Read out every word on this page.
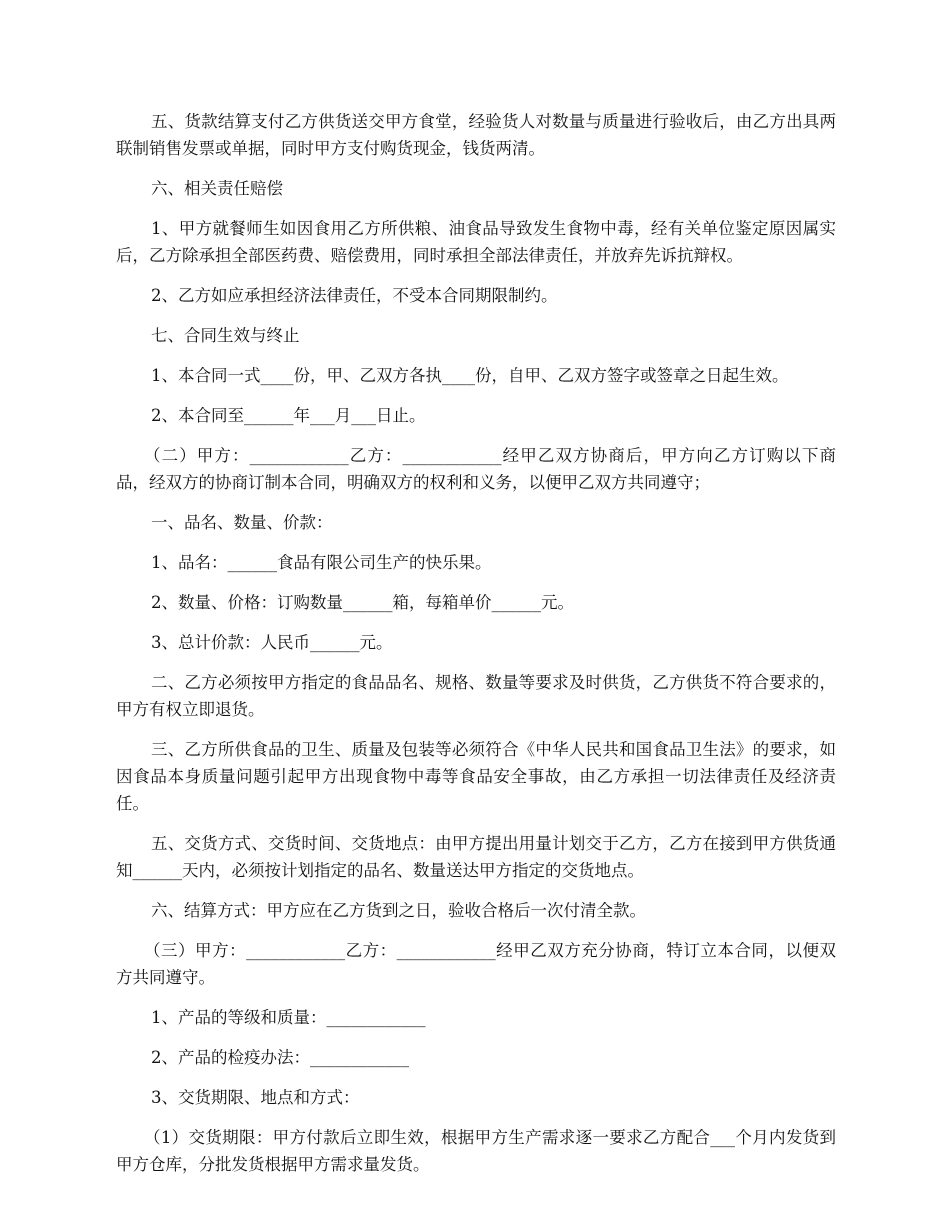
五、货款结算支付乙方供货送交甲方食堂，经验货人对数量与质量进行验收后，由乙方出具两联制销售发票或单据，同时甲方支付购货现金，钱货两清。

六、相关责任赔偿

1、甲方就餐师生如因食用乙方所供粮、油食品导致发生食物中毒，经有关单位鉴定原因属实后，乙方除承担全部医药费、赔偿费用，同时承担全部法律责任，并放弃先诉抗辩权。

2、乙方如应承担经济法律责任，不受本合同期限制约。

七、合同生效与终止

1、本合同一式____份，甲、乙双方各执____份，自甲、乙双方签字或签章之日起生效。

2、本合同至______年___月___日止。

（二）甲方：____________乙方：____________经甲乙双方协商后，甲方向乙方订购以下商品，经双方的协商订制本合同，明确双方的权利和义务，以便甲乙双方共同遵守；

一、品名、数量、价款：

1、品名：______食品有限公司生产的快乐果。

2、数量、价格：订购数量______箱，每箱单价______元。

3、总计价款：人民币______元。

二、乙方必须按甲方指定的食品品名、规格、数量等要求及时供货，乙方供货不符合要求的，甲方有权立即退货。

三、乙方所供食品的卫生、质量及包装等必须符合《中华人民共和国食品卫生法》的要求，如因食品本身质量问题引起甲方出现食物中毒等食品安全事故，由乙方承担一切法律责任及经济责任。

五、交货方式、交货时间、交货地点：由甲方提出用量计划交于乙方，乙方在接到甲方供货通知______天内，必须按计划指定的品名、数量送达甲方指定的交货地点。

六、结算方式：甲方应在乙方货到之日，验收合格后一次付清全款。

（三）甲方：____________乙方：____________经甲乙双方充分协商，特订立本合同，以便双方共同遵守。

1、产品的等级和质量：____________

2、产品的检疫办法：____________

3、交货期限、地点和方式：

（1）交货期限：甲方付款后立即生效，根据甲方生产需求逐一要求乙方配合___个月内发货到甲方仓库，分批发货根据甲方需求量发货。
